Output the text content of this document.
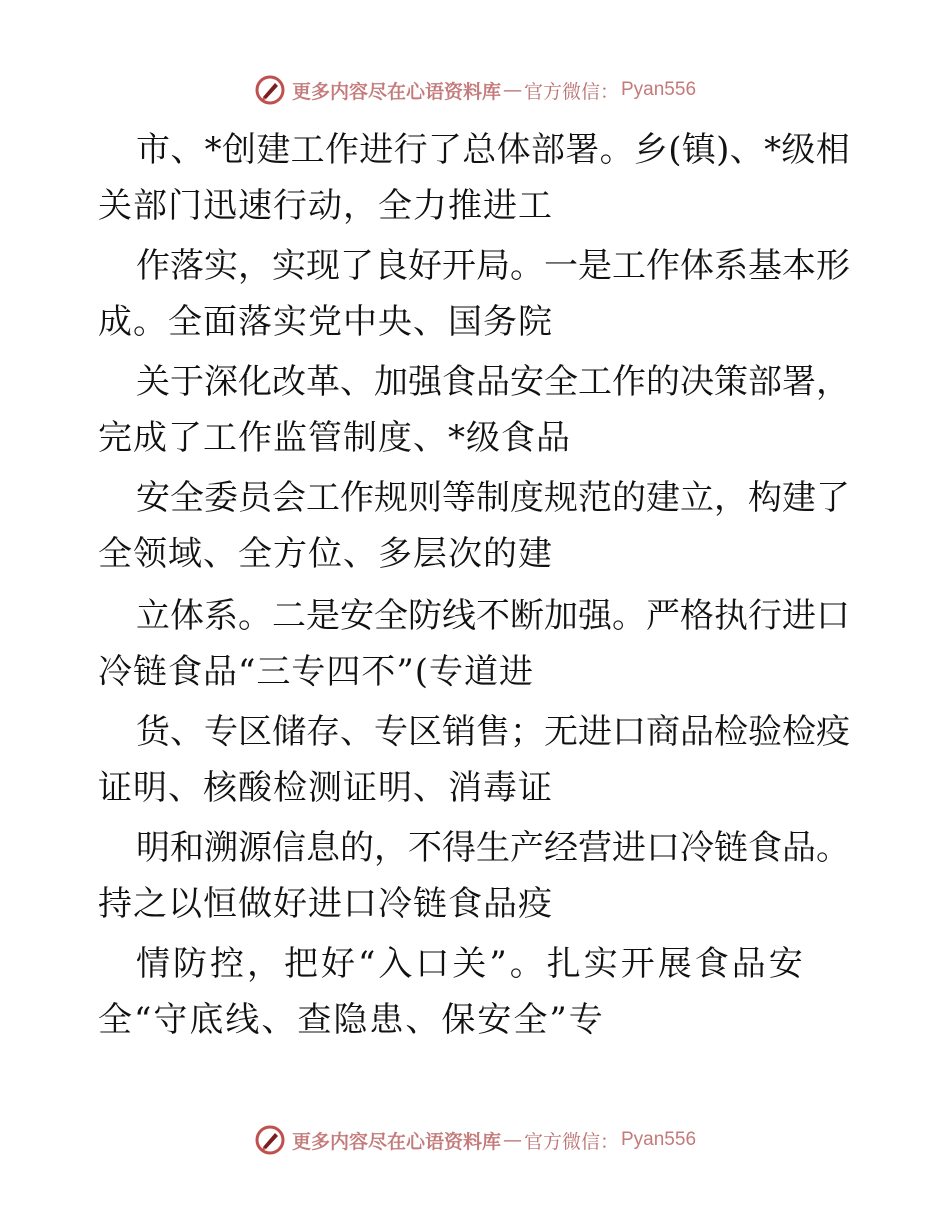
更多内容尽在心语资料库 — 官方微信： Pyan556
市 、 * 创 建 工 作 进 行 了 总 体 部 署 。 乡 ( 镇 ) 、 * 级 相
关部门迅速行动，全力推进工
作 落 实 ， 实 现 了 良 好 开 局 。 一 是 工 作 体 系 基 本 形
成。全面落实党中央、国务院
关 于 深 化 改 革 、 加 强 食 品 安 全 工 作 的 决 策 部 署 ，
完成了工作监管制度、*级食品
安 全 委 员 会 工 作 规 则 等 制 度 规 范 的 建 立 ， 构 建 了
全领域、全方位、多层次的建
立 体 系 。 二 是 安 全 防 线 不 断 加 强 。 严 格 执 行 进 口
冷链食品“三专四不”(专道进
货 、 专 区 储 存 、 专 区 销 售 ； 无 进 口 商 品 检 验 检 疫
证明、核酸检测证明、消毒证
明 和 溯 源 信 息 的 ， 不 得 生 产 经 营 进 口 冷 链 食 品 。
持之以恒做好进口冷链食品疫
情防控，把好“入口关”。扎实开展食品安
全“守底线、查隐患、保安全”专
更多内容尽在心语资料库 — 官方微信： Pyan556
